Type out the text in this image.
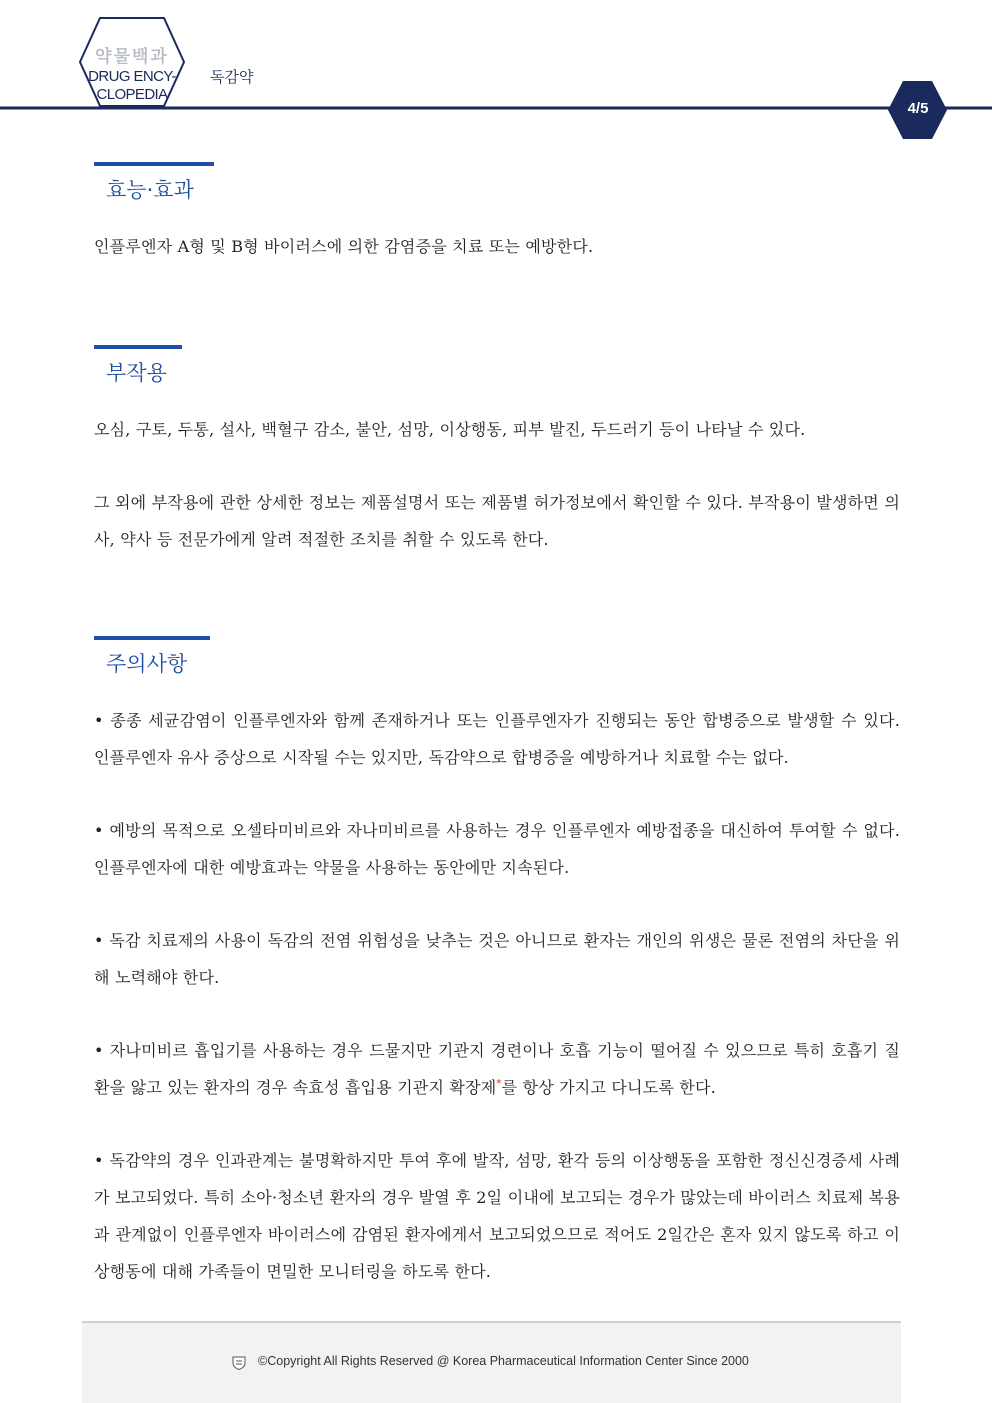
약물백과
DRUG ENCY-
CLOPEDIA
독감약
4/5
효능·효과
인플루엔자 A형 및 B형 바이러스에 의한 감염증을 치료 또는 예방한다.
부작용
오심, 구토, 두통, 설사, 백혈구 감소, 불안, 섬망, 이상행동, 피부 발진, 두드러기 등이 나타날 수 있다.
그 외에 부작용에 관한 상세한 정보는 제품설명서 또는 제품별 허가정보에서 확인할 수 있다. 부작용이 발생하면 의사, 약사 등 전문가에게 알려 적절한 조치를 취할 수 있도록 한다.
주의사항
• 종종 세균감염이 인플루엔자와 함께 존재하거나 또는 인플루엔자가 진행되는 동안 합병증으로 발생할 수 있다. 인플루엔자 유사 증상으로 시작될 수는 있지만, 독감약으로 합병증을 예방하거나 치료할 수는 없다.
• 예방의 목적으로 오셀타미비르와 자나미비르를 사용하는 경우 인플루엔자 예방접종을 대신하여 투여할 수 없다. 인플루엔자에 대한 예방효과는 약물을 사용하는 동안에만 지속된다.
• 독감 치료제의 사용이 독감의 전염 위험성을 낮추는 것은 아니므로 환자는 개인의 위생은 물론 전염의 차단을 위해 노력해야 한다.
• 자나미비르 흡입기를 사용하는 경우 드물지만 기관지 경련이나 호흡 기능이 떨어질 수 있으므로 특히 호흡기 질환을 앓고 있는 환자의 경우 속효성 흡입용 기관지 확장제*를 항상 가지고 다니도록 한다.
• 독감약의 경우 인과관계는 불명확하지만 투여 후에 발작, 섬망, 환각 등의 이상행동을 포함한 정신신경증세 사례가 보고되었다. 특히 소아·청소년 환자의 경우 발열 후 2일 이내에 보고되는 경우가 많았는데 바이러스 치료제 복용과 관계없이 인플루엔자 바이러스에 감염된 환자에게서 보고되었으므로 적어도 2일간은 혼자 있지 않도록 하고 이상행동에 대해 가족들이 면밀한 모니터링을 하도록 한다.
©Copyright All Rights Reserved @ Korea Pharmaceutical Information Center Since 2000
